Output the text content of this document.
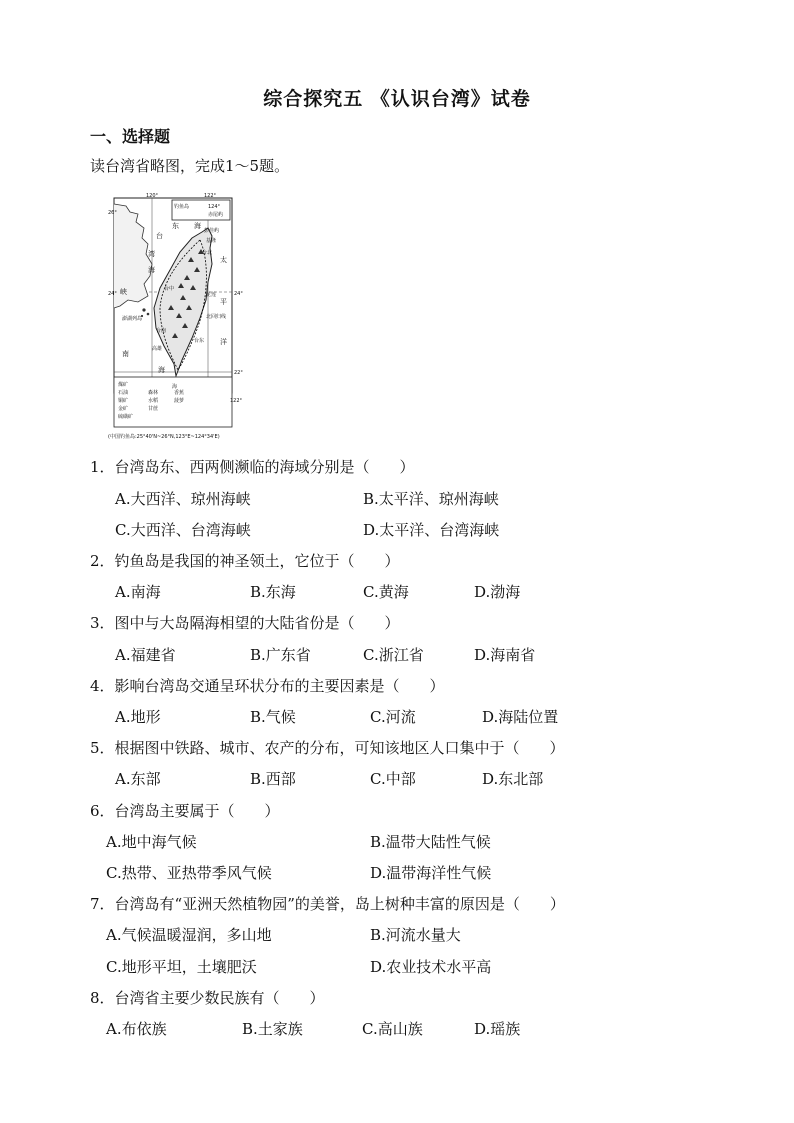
综合探究五 《认识台湾》试卷
一、选择题
读台湾省略图，完成1～5题。
120°	122°
26°
24°	24°
22°
122°
钓鱼岛
赤尾屿
124°
东 海
台
湾
海
峡
南
海
太
平
洋
台北
花莲
台中
台南
高雄
台东
彭佳屿
北回归线
澎湖列岛
海
基隆
煤矿
石油
铜矿
金矿
硫磺矿
森林
水稻
甘蔗
香蕉
菠萝
(中国钓鱼岛:25°40'N~26°N,123°E~124°34'E)
1．台湾岛东、西两侧濒临的海域分别是（　　）
A.大西洋、琼州海峡	B.太平洋、琼州海峡
C.大西洋、台湾海峡	D.太平洋、台湾海峡
2．钓鱼岛是我国的神圣领土，它位于（　　）
A.南海	B.东海	C.黄海	D.渤海
3．图中与大岛隔海相望的大陆省份是（　　）
A.福建省	B.广东省	C.浙江省	D.海南省
4．影响台湾岛交通呈环状分布的主要因素是（　　）
A.地形	B.气候	C.河流	D.海陆位置
5．根据图中铁路、城市、农产的分布，可知该地区人口集中于（　　）
A.东部	B.西部	C.中部	D.东北部
6．台湾岛主要属于（　　）
A.地中海气候	B.温带大陆性气候
C.热带、亚热带季风气候	D.温带海洋性气候
7．台湾岛有“亚洲天然植物园”的美誉，岛上树种丰富的原因是（　　）
A.气候温暖湿润，多山地	B.河流水量大
C.地形平坦，土壤肥沃	D.农业技术水平高
8．台湾省主要少数民族有（　　）
A.布依族	B.土家族	C.高山族	D.瑶族
